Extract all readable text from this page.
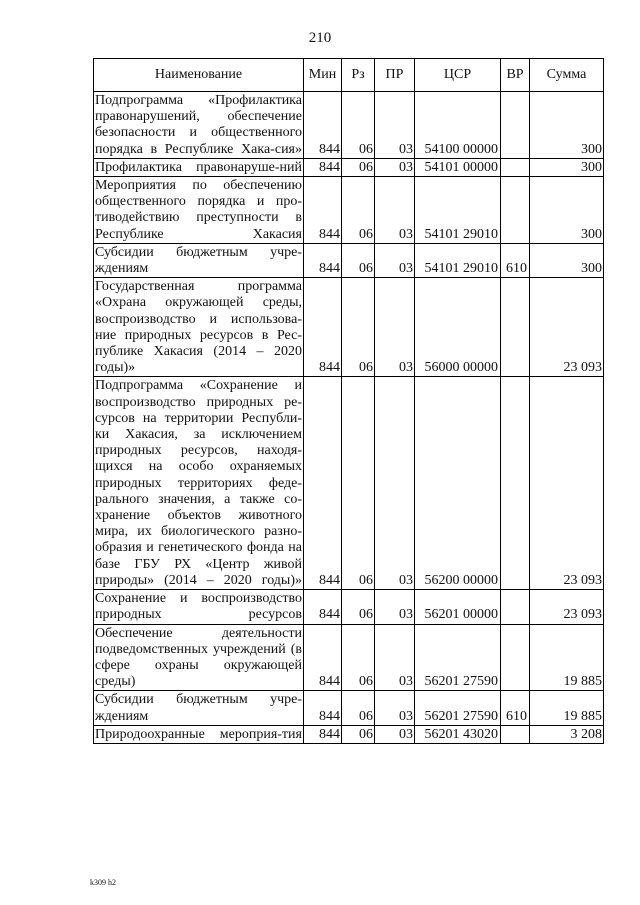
210
Наименование	Мин	Рз	ПР	ЦСР	ВР	Сумма
Подпрограмма «Профилактика правонарушений, обеспечение безопасности и общественного порядка в Республике Хака-сия»	844	06	03	54100 00000		300
Профилактика правонаруше-ний	844	06	03	54101 00000		300
Мероприятия по обеспечению общественного порядка и про-тиводействию преступности в Республике Хакасия	844	06	03	54101 29010		300
Субсидии бюджетным учре-ждениям	844	06	03	54101 29010	610	300
Государственная программа «Охрана окружающей среды, воспроизводство и использова-ние природных ресурсов в Рес-публике Хакасия (2014 – 2020 годы)»	844	06	03	56000 00000		23 093
Подпрограмма «Сохранение и воспроизводство природных ре-сурсов на территории Республи-ки Хакасия, за исключением природных ресурсов, находя-щихся на особо охраняемых природных территориях феде-рального значения, а также со-хранение объектов животного мира, их биологического разно-образия и генетического фонда на базе ГБУ РХ «Центр живой природы» (2014 – 2020 годы)»	844	06	03	56200 00000		23 093
Сохранение и воспроизводство природных ресурсов	844	06	03	56201 00000		23 093
Обеспечение деятельности подведомственных учреждений (в сфере охраны окружающей среды)	844	06	03	56201 27590		19 885
Субсидии бюджетным учре-ждениям	844	06	03	56201 27590	610	19 885
Природоохранные мероприя-тия	844	06	03	56201 43020		3 208
k309 h2
